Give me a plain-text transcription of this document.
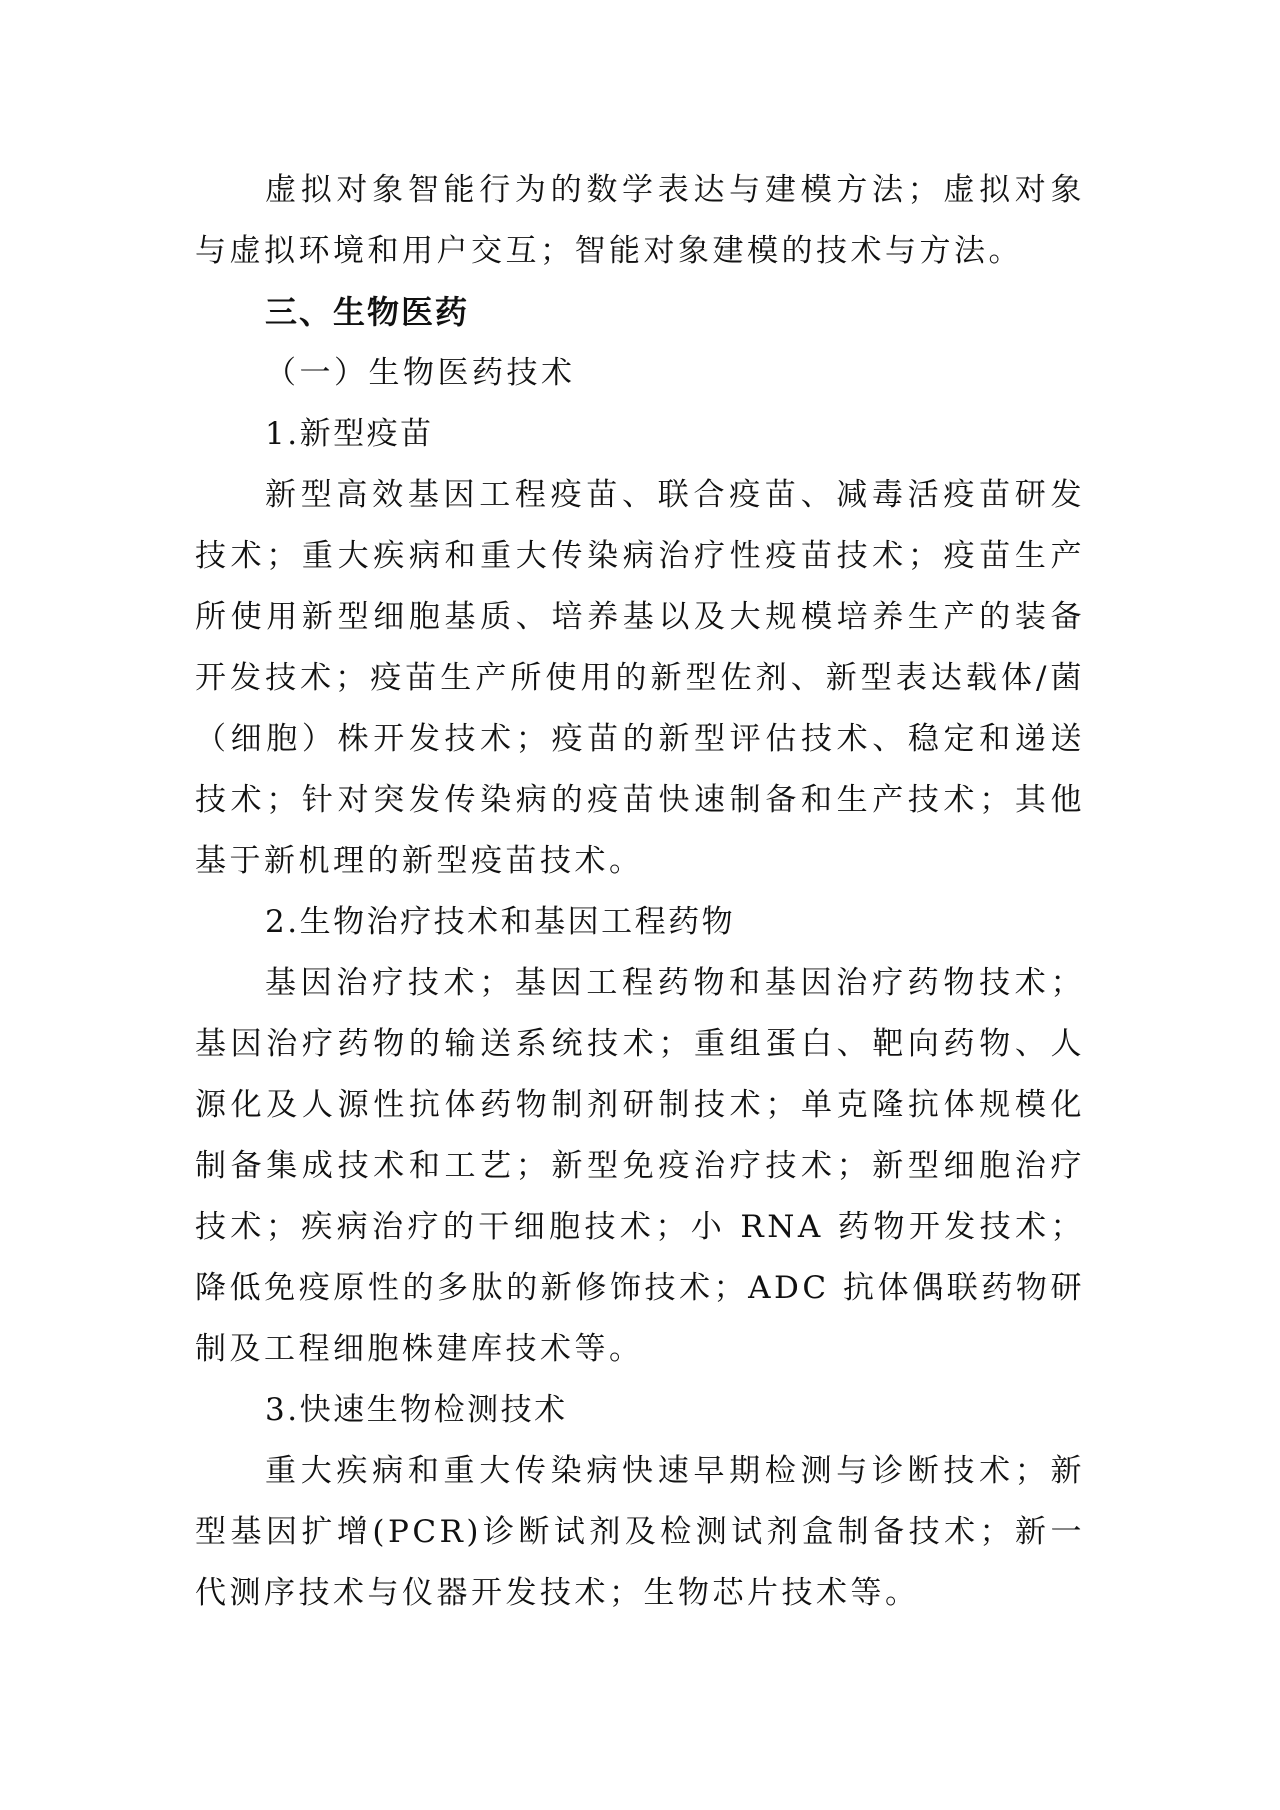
虚拟对象智能行为的数学表达与建模方法；虚拟对象与虚拟环境和用户交互；智能对象建模的技术与方法。

三、生物医药

（一）生物医药技术

1.新型疫苗

新型高效基因工程疫苗、联合疫苗、减毒活疫苗研发技术；重大疾病和重大传染病治疗性疫苗技术；疫苗生产所使用新型细胞基质、培养基以及大规模培养生产的装备开发技术；疫苗生产所使用的新型佐剂、新型表达载体/菌（细胞）株开发技术；疫苗的新型评估技术、稳定和递送技术；针对突发传染病的疫苗快速制备和生产技术；其他基于新机理的新型疫苗技术。

2.生物治疗技术和基因工程药物

基因治疗技术；基因工程药物和基因治疗药物技术；基因治疗药物的输送系统技术；重组蛋白、靶向药物、人源化及人源性抗体药物制剂研制技术；单克隆抗体规模化制备集成技术和工艺；新型免疫治疗技术；新型细胞治疗技术；疾病治疗的干细胞技术；小 RNA 药物开发技术；降低免疫原性的多肽的新修饰技术；ADC 抗体偶联药物研制及工程细胞株建库技术等。

3.快速生物检测技术

重大疾病和重大传染病快速早期检测与诊断技术；新型基因扩增(PCR)诊断试剂及检测试剂盒制备技术；新一代测序技术与仪器开发技术；生物芯片技术等。
